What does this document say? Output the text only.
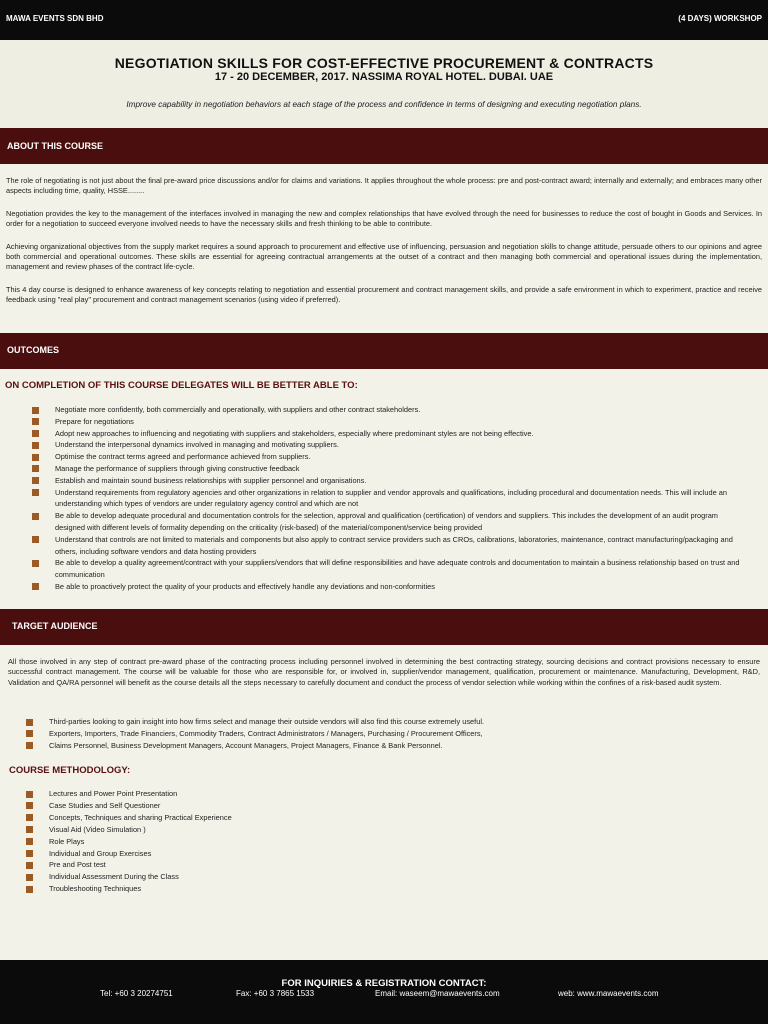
MAWA EVENTS SDN BHD	(4 DAYS) WORKSHOP
NEGOTIATION SKILLS FOR COST-EFFECTIVE PROCUREMENT & CONTRACTS
17 - 20 DECEMBER, 2017. NASSIMA ROYAL HOTEL. DUBAI. UAE
Improve capability in negotiation behaviors at each stage of the process and confidence in terms of designing and executing negotiation plans.
ABOUT THIS COURSE

The role of negotiating is not just about the final pre-award price discussions and/or for claims and variations. It applies throughout the whole process: pre and post-contract award; internally and externally; and embraces many other aspects including time, quality, HSSE........

Negotiation provides the key to the management of the interfaces involved in managing the new and complex relationships that have evolved through the need for businesses to reduce the cost of bought in Goods and Services. In order for a negotiation to succeed everyone involved needs to have the necessary skills and fresh thinking to be able to contribute.

Achieving organizational objectives from the supply market requires a sound approach to procurement and effective use of influencing, persuasion and negotiation skills to change attitude, persuade others to our opinions and agree both commercial and operational outcomes. These skills are essential for agreeing contractual arrangements at the outset of a contract and then managing both commercial and operational issues during the implementation, management and review phases of the contract life-cycle.

This 4 day course is designed to enhance awareness of key concepts relating to negotiation and essential procurement and contract management skills, and provide a safe environment in which to experiment, practice and receive feedback using "real play" procurement and contract management scenarios (using video if preferred).

OUTCOMES
ON COMPLETION OF THIS COURSE DELEGATES WILL BE BETTER ABLE TO:
Negotiate more confidently, both commercially and operationally, with suppliers and other contract stakeholders.
Prepare for negotiations
Adopt new approaches to influencing and negotiating with suppliers and stakeholders, especially where predominant styles are not being effective.
Understand the interpersonal dynamics involved in managing and motivating suppliers.
Optimise the contract terms agreed and performance achieved from suppliers.
Manage the performance of suppliers through giving constructive feedback
Establish and maintain sound business relationships with supplier personnel and organisations.
Understand requirements from regulatory agencies and other organizations in relation to supplier and vendor approvals and qualifications, including procedural and documentation needs. This will include an understanding which types of vendors are under regulatory agency control and which are not
Be able to develop adequate procedural and documentation controls for the selection, approval and qualification (certification) of vendors and suppliers. This includes the development of an audit program designed with different levels of formality depending on the criticality (risk-based) of the material/component/service being provided
Understand that controls are not limited to materials and components but also apply to contract service providers such as CROs, calibrations, laboratories, maintenance, contract manufacturing/packaging and others, including software vendors and data hosting providers
Be able to develop a quality agreement/contract with your suppliers/vendors that will define responsibilities and have adequate controls and documentation to maintain a business relationship based on trust and communication
Be able to proactively protect the quality of your products and effectively handle any deviations and non-conformities
TARGET AUDIENCE

All those involved in any step of contract pre-award phase of the contracting process including personnel involved in determining the best contracting strategy, sourcing decisions and contract provisions necessary to ensure successful contract management. The course will be valuable for those who are responsible for, or involved in, supplier/vendor management, qualification, procurement or maintenance. Manufacturing, Development, R&D, Validation and QA/RA personnel will benefit as the course details all the steps necessary to carefully document and conduct the process of vendor selection while working within the confines of a risk-based audit system.

Third-parties looking to gain insight into how firms select and manage their outside vendors will also find this course extremely useful.
Exporters, Importers, Trade Financiers, Commodity Traders, Contract Administrators / Managers, Purchasing / Procurement Officers,
Claims Personnel, Business Development Managers, Account Managers, Project Managers, Finance & Bank Personnel.
COURSE METHODOLOGY:
Lectures and Power Point Presentation
Case Studies and Self Questioner
Concepts, Techniques and sharing Practical Experience
Visual Aid (Video Simulation )
Role Plays
Individual and Group Exercises
Pre and Post test
Individual Assessment During the Class
Troubleshooting Techniques
FOR INQUIRIES & REGISTRATION CONTACT:
Tel: +60 3 20274751	Fax: +60 3 7865 1533	Email: waseem@mawaevents.com	web: www.mawaevents.com
